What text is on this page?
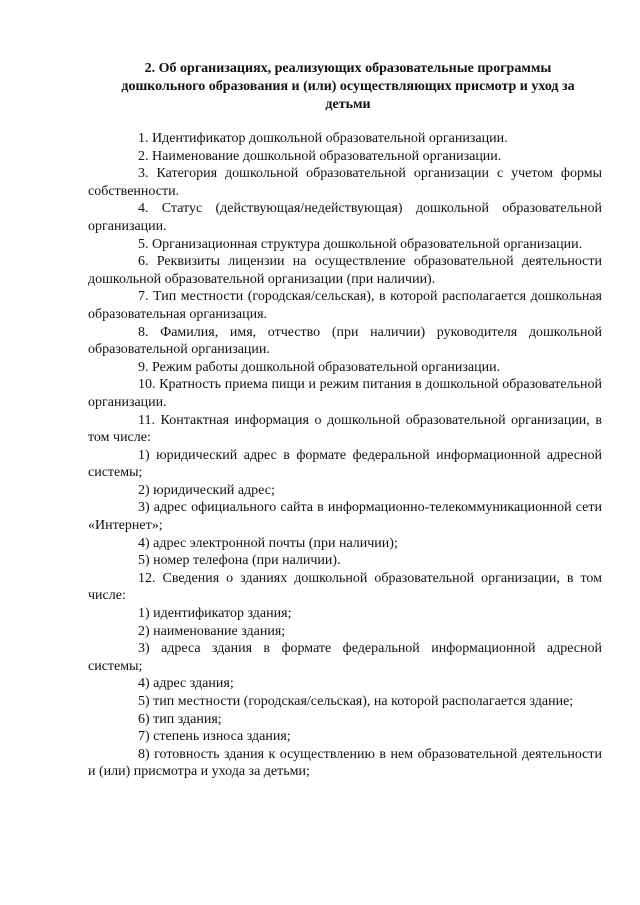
2. Об организациях, реализующих образовательные программы
дошкольного образования и (или) осуществляющих присмотр и уход за
детьми

1. Идентификатор дошкольной образовательной организации.

2. Наименование дошкольной образовательной организации.

3. Категория дошкольной образовательной организации с учетом формы собственности.

4. Статус (действующая/недействующая) дошкольной образовательной организации.

5. Организационная структура дошкольной образовательной организации.

6. Реквизиты лицензии на осуществление образовательной деятельности дошкольной образовательной организации (при наличии).

7. Тип местности (городская/сельская), в которой располагается дошкольная образовательная организация.

8. Фамилия, имя, отчество (при наличии) руководителя дошкольной образовательной организации.

9. Режим работы дошкольной образовательной организации.

10. Кратность приема пищи и режим питания в дошкольной образовательной организации.

11. Контактная информация о дошкольной образовательной организации, в том числе:

1) юридический адрес в формате федеральной информационной адресной системы;

2) юридический адрес;

3) адрес официального сайта в информационно-телекоммуникационной сети «Интернет»;

4) адрес электронной почты (при наличии);

5) номер телефона (при наличии).

12. Сведения о зданиях дошкольной образовательной организации, в том числе:

1) идентификатор здания;

2) наименование здания;

3) адреса здания в формате федеральной информационной адресной системы;

4) адрес здания;

5) тип местности (городская/сельская), на которой располагается здание;

6) тип здания;

7) степень износа здания;

8) готовность здания к осуществлению в нем образовательной деятельности и (или) присмотра и ухода за детьми;
